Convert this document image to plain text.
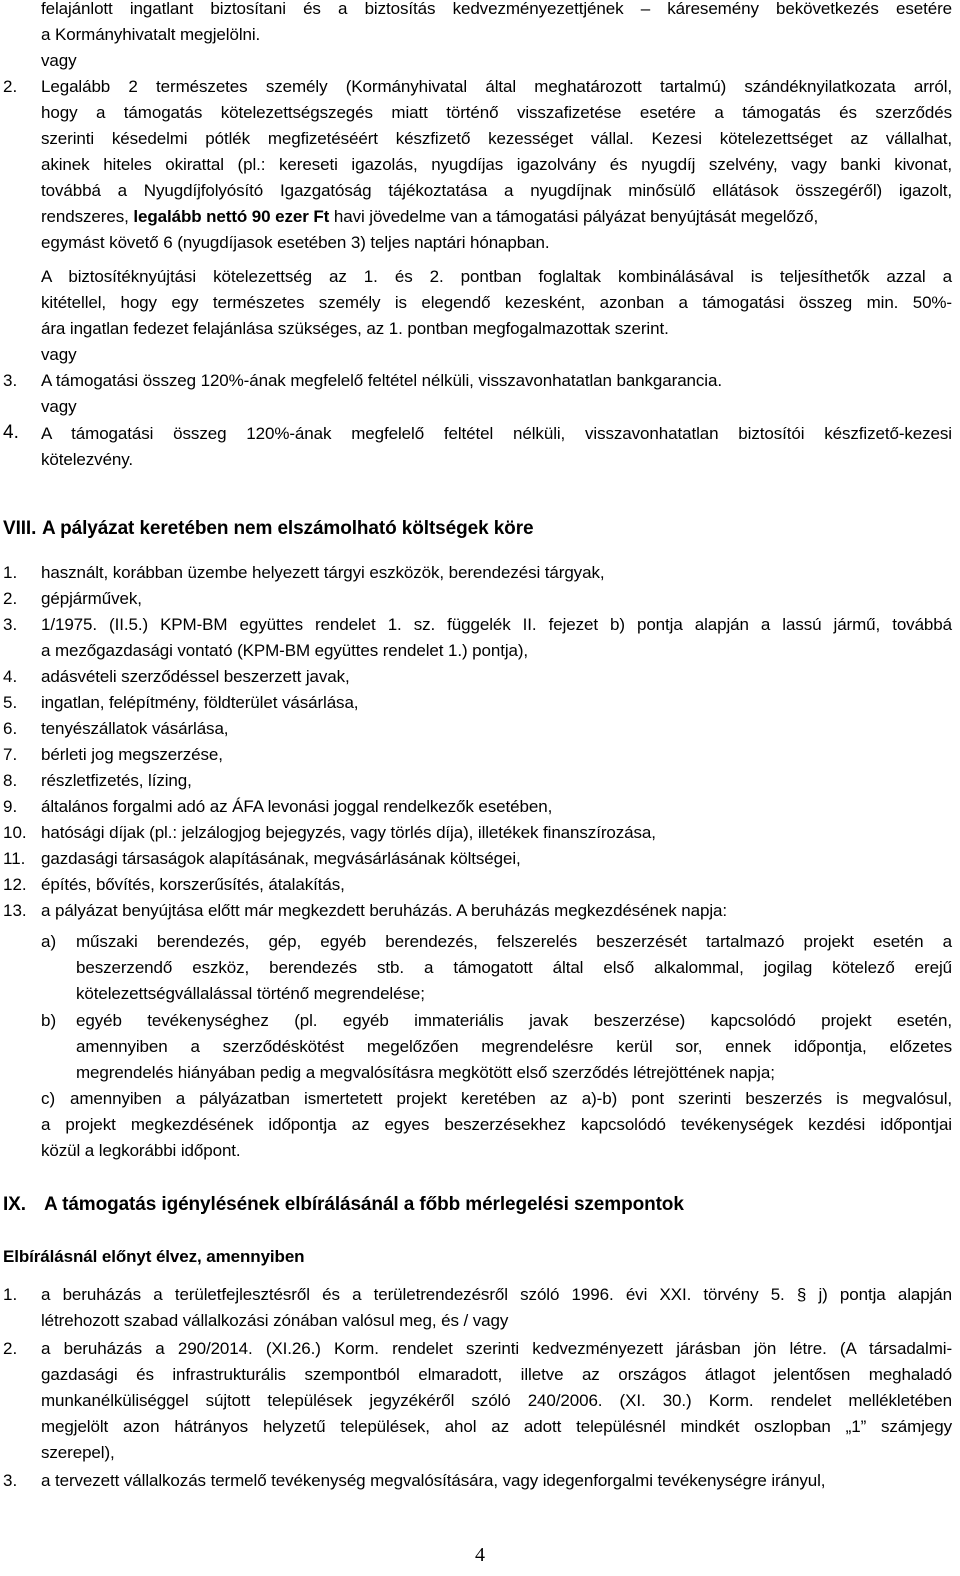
felajánlott ingatlant biztosítani és a biztosítás kedvezményezettjének – káresemény bekövetkezés esetére
a Kormányhivatalt megjelölni.
vagy
2. Legalább 2 természetes személy (Kormányhivatal által meghatározott tartalmú) szándéknyilatkozata arról,
hogy a támogatás kötelezettségszegés miatt történő visszafizetése esetére a támogatás és szerződés
szerinti késedelmi pótlék megfizetéséért készfizető kezességet vállal. Kezesi kötelezettséget az vállalhat,
akinek hiteles okirattal (pl.: kereseti igazolás, nyugdíjas igazolvány és nyugdíj szelvény, vagy banki kivonat,
továbbá a Nyugdíjfolyósító Igazgatóság tájékoztatása a nyugdíjnak minősülő ellátások összegéről) igazolt,
rendszeres, legalább nettó 90 ezer Ft havi jövedelme van a támogatási pályázat benyújtását megelőző,
egymást követő 6 (nyugdíjasok esetében 3) teljes naptári hónapban.
A biztosítéknyújtási kötelezettség az 1. és 2. pontban foglaltak kombinálásával is teljesíthetők azzal a
kitétellel, hogy egy természetes személy is elegendő kezesként, azonban a támogatási összeg min. 50%-
ára ingatlan fedezet felajánlása szükséges, az 1. pontban megfogalmazottak szerint.
vagy
3. A támogatási összeg 120%-ának megfelelő feltétel nélküli, visszavonhatatlan bankgarancia.
vagy
4. A támogatási összeg 120%-ának megfelelő feltétel nélküli, visszavonhatatlan biztosítói készfizető-kezesi
kötelezvény.
VIII. A pályázat keretében nem elszámolható költségek köre
1. használt, korábban üzembe helyezett tárgyi eszközök, berendezési tárgyak,
2. gépjárművek,
3. 1/1975. (II.5.) KPM-BM együttes rendelet 1. sz. függelék II. fejezet b) pontja alapján a lassú jármű, továbbá
a mezőgazdasági vontató (KPM-BM együttes rendelet 1.) pontja),
4. adásvételi szerződéssel beszerzett javak,
5. ingatlan, felépítmény, földterület vásárlása,
6. tenyészállatok vásárlása,
7. bérleti jog megszerzése,
8. részletfizetés, lízing,
9. általános forgalmi adó az ÁFA levonási joggal rendelkezők esetében,
10. hatósági díjak (pl.: jelzálogjog bejegyzés, vagy törlés díja), illetékek finanszírozása,
11. gazdasági társaságok alapításának, megvásárlásának költségei,
12. építés, bővítés, korszerűsítés, átalakítás,
13. a pályázat benyújtása előtt már megkezdett beruházás. A beruházás megkezdésének napja:
a) műszaki berendezés, gép, egyéb berendezés, felszerelés beszerzését tartalmazó projekt esetén a
beszerzendő eszköz, berendezés stb. a támogatott által első alkalommal, jogilag kötelező erejű
kötelezettségvállalással történő megrendelése;
b) egyéb tevékenységhez (pl. egyéb immateriális javak beszerzése) kapcsolódó projekt esetén,
amennyiben a szerződéskötést megelőzően megrendelésre kerül sor, ennek időpontja, előzetes
megrendelés hiányában pedig a megvalósításra megkötött első szerződés létrejöttének napja;
c) amennyiben a pályázatban ismertetett projekt keretében az a)-b) pont szerinti beszerzés is megvalósul,
a projekt megkezdésének időpontja az egyes beszerzésekhez kapcsolódó tevékenységek kezdési időpontjai
közül a legkorábbi időpont.
IX. A támogatás igénylésének elbírálásánál a főbb mérlegelési szempontok
Elbírálásnál előnyt élvez, amennyiben
1. a beruházás a területfejlesztésről és a területrendezésről szóló 1996. évi XXI. törvény 5. § j) pontja alapján
létrehozott szabad vállalkozási zónában valósul meg, és / vagy
2. a beruházás a 290/2014. (XI.26.) Korm. rendelet szerinti kedvezményezett járásban jön létre. (A társadalmi-
gazdasági és infrastrukturális szempontból elmaradott, illetve az országos átlagot jelentősen meghaladó
munkanélküliséggel sújtott települések jegyzékéről szóló 240/2006. (XI. 30.) Korm. rendelet mellékletében
megjelölt azon hátrányos helyzetű települések, ahol az adott településnél mindkét oszlopban „1” számjegy
szerepel),
3. a tervezett vállalkozás termelő tevékenység megvalósítására, vagy idegenforgalmi tevékenységre irányul,
4
